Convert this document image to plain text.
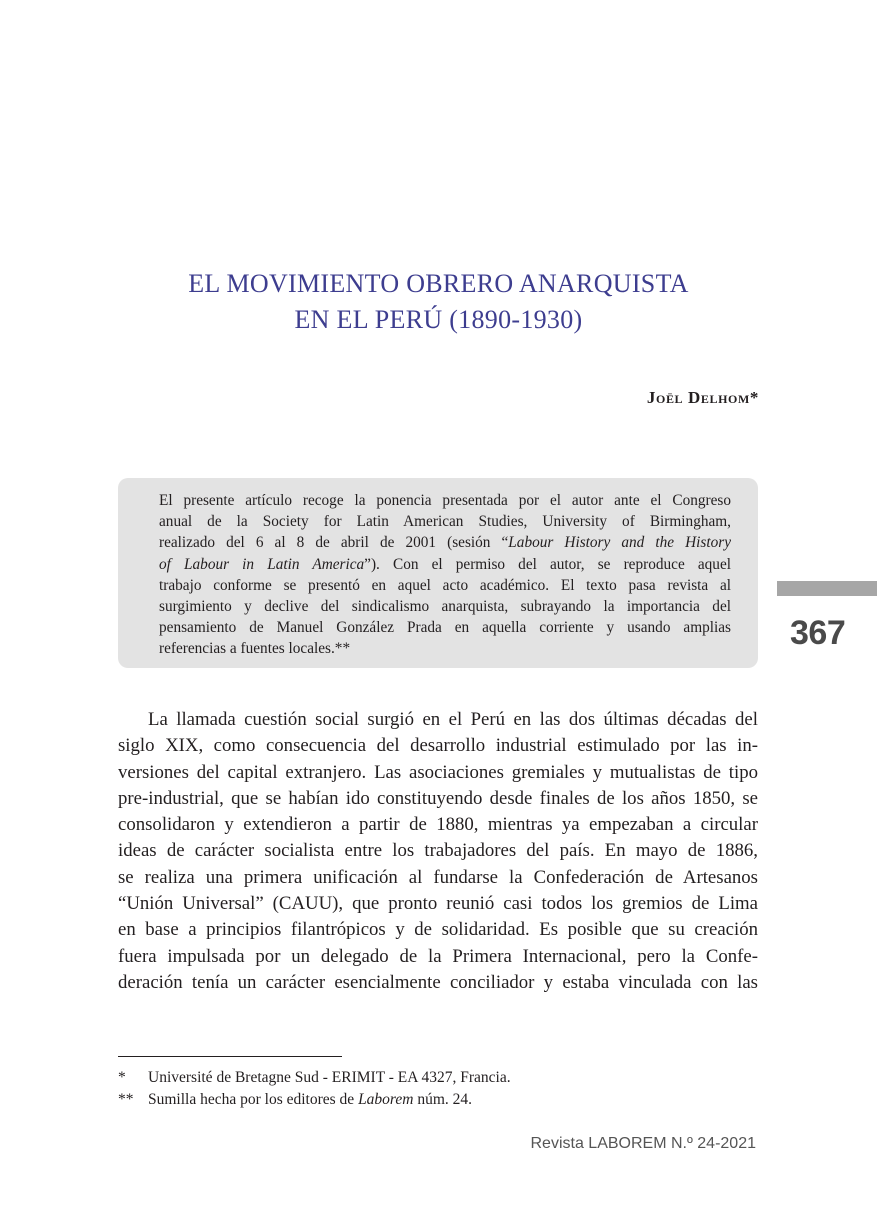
EL MOVIMIENTO OBRERO ANARQUISTA
EN EL PERÚ (1890-1930)
Joël Delhom*
El presente artículo recoge la ponencia presentada por el autor ante el Congreso
anual de la Society for Latin American Studies, University of Birmingham,
realizado del 6 al 8 de abril de 2001 (sesión “Labour History and the History
of Labour in Latin America”). Con el permiso del autor, se reproduce aquel
trabajo conforme se presentó en aquel acto académico. El texto pasa revista al
surgimiento y declive del sindicalismo anarquista, subrayando la importancia del
pensamiento de Manuel González Prada en aquella corriente y usando amplias
referencias a fuentes locales.**	367
La llamada cuestión social surgió en el Perú en las dos últimas décadas del
siglo XIX, como consecuencia del desarrollo industrial estimulado por las in-
versiones del capital extranjero. Las asociaciones gremiales y mutualistas de tipo
pre-industrial, que se habían ido constituyendo desde finales de los años 1850, se
consolidaron y extendieron a partir de 1880, mientras ya empezaban a circular
ideas de carácter socialista entre los trabajadores del país. En mayo de 1886,
se realiza una primera unificación al fundarse la Confederación de Artesanos
“Unión Universal” (CAUU), que pronto reunió casi todos los gremios de Lima
en base a principios filantrópicos y de solidaridad. Es posible que su creación
fuera impulsada por un delegado de la Primera Internacional, pero la Confe-
deración tenía un carácter esencialmente conciliador y estaba vinculada con las
*	Université de Bretagne Sud - ERIMIT - EA 4327, Francia.
** Sumilla hecha por los editores de Laborem núm. 24.
Revista LABOREM N.º 24-2021
